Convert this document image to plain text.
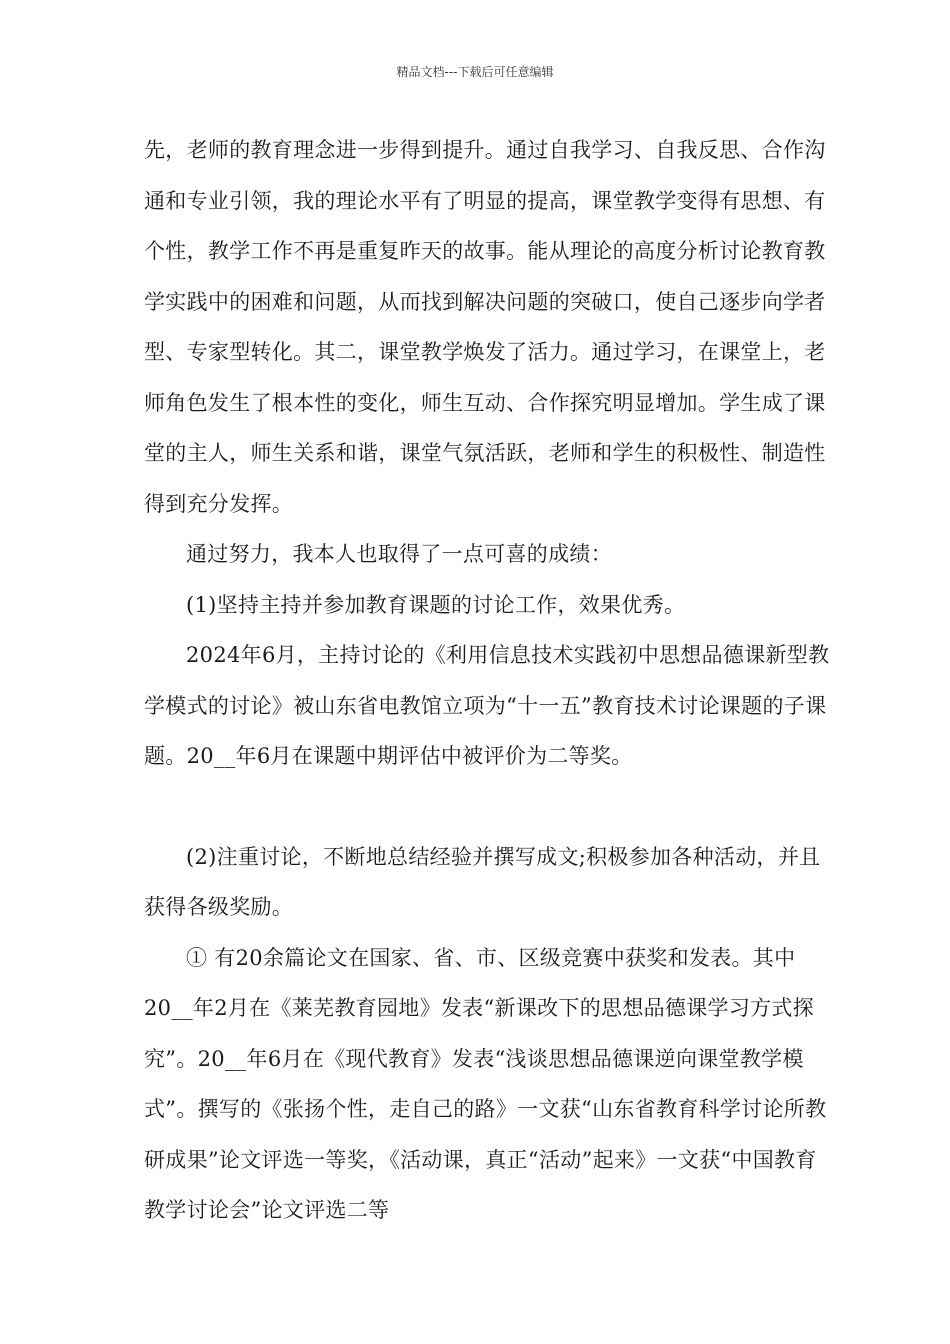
精品文档---下载后可任意编辑

先，老师的教育理念进一步得到提升。通过自我学习、自我反思、合作沟通和专业引领，我的理论水平有了明显的提高，课堂教学变得有思想、有个性，教学工作不再是重复昨天的故事。能从理论的高度分析讨论教育教学实践中的困难和问题，从而找到解决问题的突破口，使自己逐步向学者型、专家型转化。其二，课堂教学焕发了活力。通过学习，在课堂上，老师角色发生了根本性的变化，师生互动、合作探究明显增加。学生成了课堂的主人，师生关系和谐，课堂气氛活跃，老师和学生的积极性、制造性得到充分发挥。

通过努力，我本人也取得了一点可喜的成绩：

(1)坚持主持并参加教育课题的讨论工作，效果优秀。

2024年6月，主持讨论的《利用信息技术实践初中思想品德课新型教学模式的讨论》被山东省电教馆立项为“十一五”教育技术讨论课题的子课题。20__年6月在课题中期评估中被评价为二等奖。

(2)注重讨论，不断地总结经验并撰写成文;积极参加各种活动，并且获得各级奖励。

① 有20余篇论文在国家、省、市、区级竞赛中获奖和发表。其中20__年2月在《莱芜教育园地》发表“新课改下的思想品德课学习方式探究”。20__年6月在《现代教育》发表“浅谈思想品德课逆向课堂教学模式”。撰写的《张扬个性，走自己的路》一文获“山东省教育科学讨论所教研成果”论文评选一等奖，《活动课，真正“活动”起来》一文获“中国教育教学讨论会”论文评选二等
